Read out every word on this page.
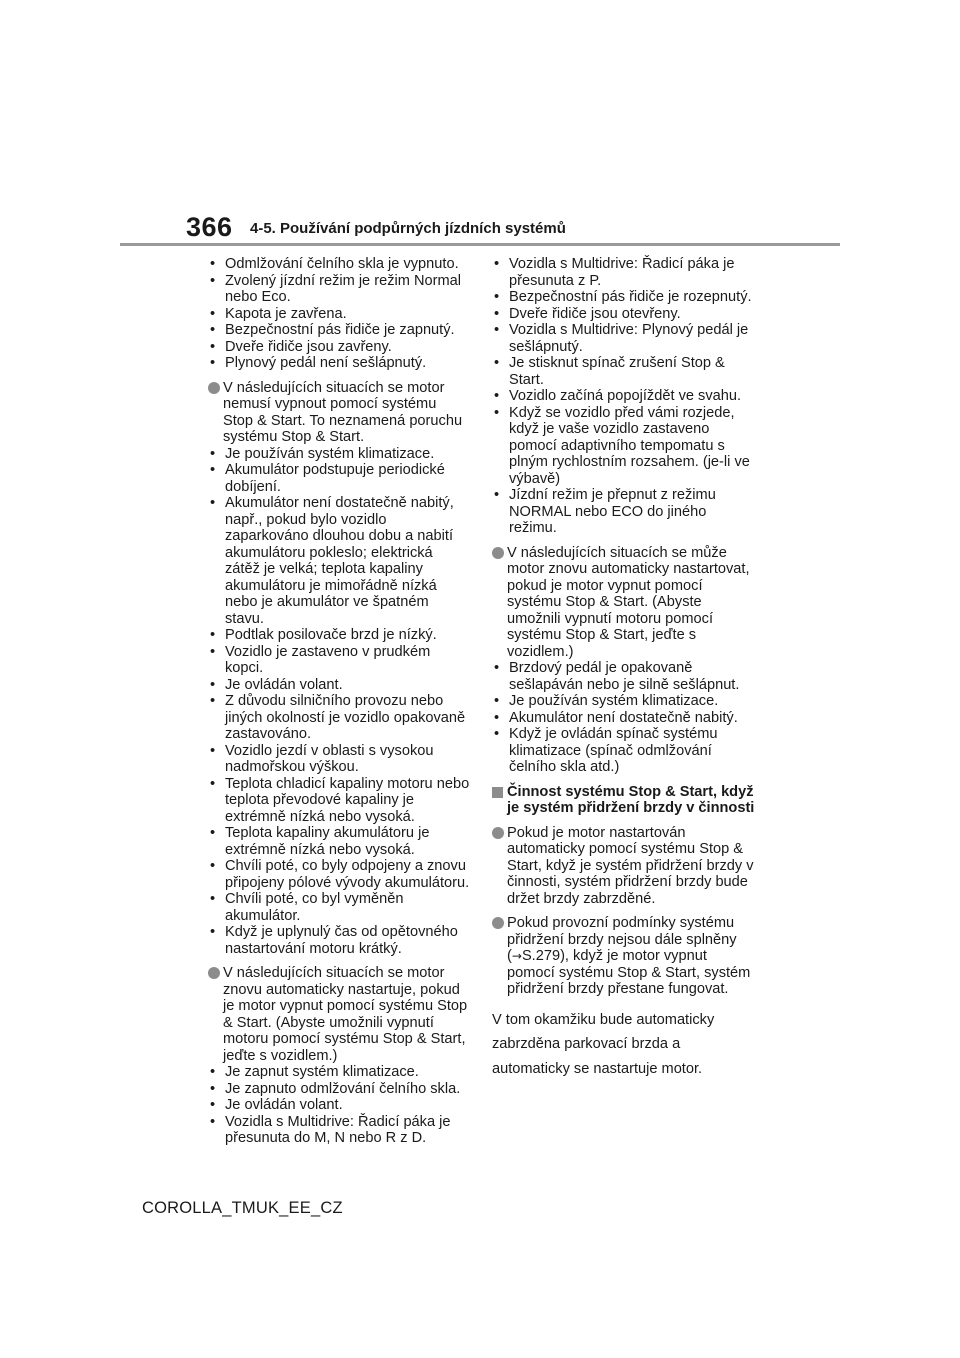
366 4-5. Používání podpůrných jízdních systémů
• Odmlžování čelního skla je vypnuto.
• Zvolený jízdní režim je režim Normal nebo Eco.
• Kapota je zavřena.
• Bezpečnostní pás řidiče je zapnutý.
• Dveře řidiče jsou zavřeny.
• Plynový pedál není sešlápnutý.
V následujících situacích se motor nemusí vypnout pomocí systému Stop & Start. To neznamená poruchu systému Stop & Start.
• Je používán systém klimatizace.
• Akumulátor podstupuje periodické dobíjení.
• Akumulátor není dostatečně nabitý, např., pokud bylo vozidlo zaparkováno dlouhou dobu a nabití akumulátoru pokleslo; elektrická zátěž je velká; teplota kapaliny akumulátoru je mimořádně nízká nebo je akumulátor ve špatném stavu.
• Podtlak posilovače brzd je nízký.
• Vozidlo je zastaveno v prudkém kopci.
• Je ovládán volant.
• Z důvodu silničního provozu nebo jiných okolností je vozidlo opakovaně zastavováno.
• Vozidlo jezdí v oblasti s vysokou nadmořskou výškou.
• Teplota chladicí kapaliny motoru nebo teplota převodové kapaliny je extrémně nízká nebo vysoká.
• Teplota kapaliny akumulátoru je extrémně nízká nebo vysoká.
• Chvíli poté, co byly odpojeny a znovu připojeny pólové vývody akumulátoru.
• Chvíli poté, co byl vyměněn akumulátor.
• Když je uplynulý čas od opětovného nastartování motoru krátký.
V následujících situacích se motor znovu automaticky nastartuje, pokud je motor vypnut pomocí systému Stop & Start. (Abyste umožnili vypnutí motoru pomocí systému Stop & Start, jeďte s vozidlem.)
• Je zapnut systém klimatizace.
• Je zapnuto odmlžování čelního skla.
• Je ovládán volant.
• Vozidla s Multidrive: Řadicí páka je přesunuta do M, N nebo R z D.
• Vozidla s Multidrive: Řadicí páka je přesunuta z P.
• Bezpečnostní pás řidiče je rozepnutý.
• Dveře řidiče jsou otevřeny.
• Vozidla s Multidrive: Plynový pedál je sešlápnutý.
• Je stisknut spínač zrušení Stop & Start.
• Vozidlo začíná popojíždět ve svahu.
• Když se vozidlo před vámi rozjede, když je vaše vozidlo zastaveno pomocí adaptivního tempomatu s plným rychlostním rozsahem. (je-li ve výbavě)
• Jízdní režim je přepnut z režimu NORMAL nebo ECO do jiného režimu.
V následujících situacích se může motor znovu automaticky nastartovat, pokud je motor vypnut pomocí systému Stop & Start. (Abyste umožnili vypnutí motoru pomocí systému Stop & Start, jeďte s vozidlem.)
• Brzdový pedál je opakovaně sešlapáván nebo je silně sešlápnut.
• Je používán systém klimatizace.
• Akumulátor není dostatečně nabitý.
• Když je ovládán spínač systému klimatizace (spínač odmlžování čelního skla atd.)
Činnost systému Stop & Start, když je systém přidržení brzdy v činnosti
Pokud je motor nastartován automaticky pomocí systému Stop & Start, když je systém přidržení brzdy v činnosti, systém přidržení brzdy bude držet brzdy zabrzděné.
Pokud provozní podmínky systému přidržení brzdy nejsou dále splněny (→S.279), když je motor vypnut pomocí systému Stop & Start, systém přidržení brzdy přestane fungovat.
V tom okamžiku bude automaticky zabrzděna parkovací brzda a automaticky se nastartuje motor.
COROLLA_TMUK_EE_CZ
